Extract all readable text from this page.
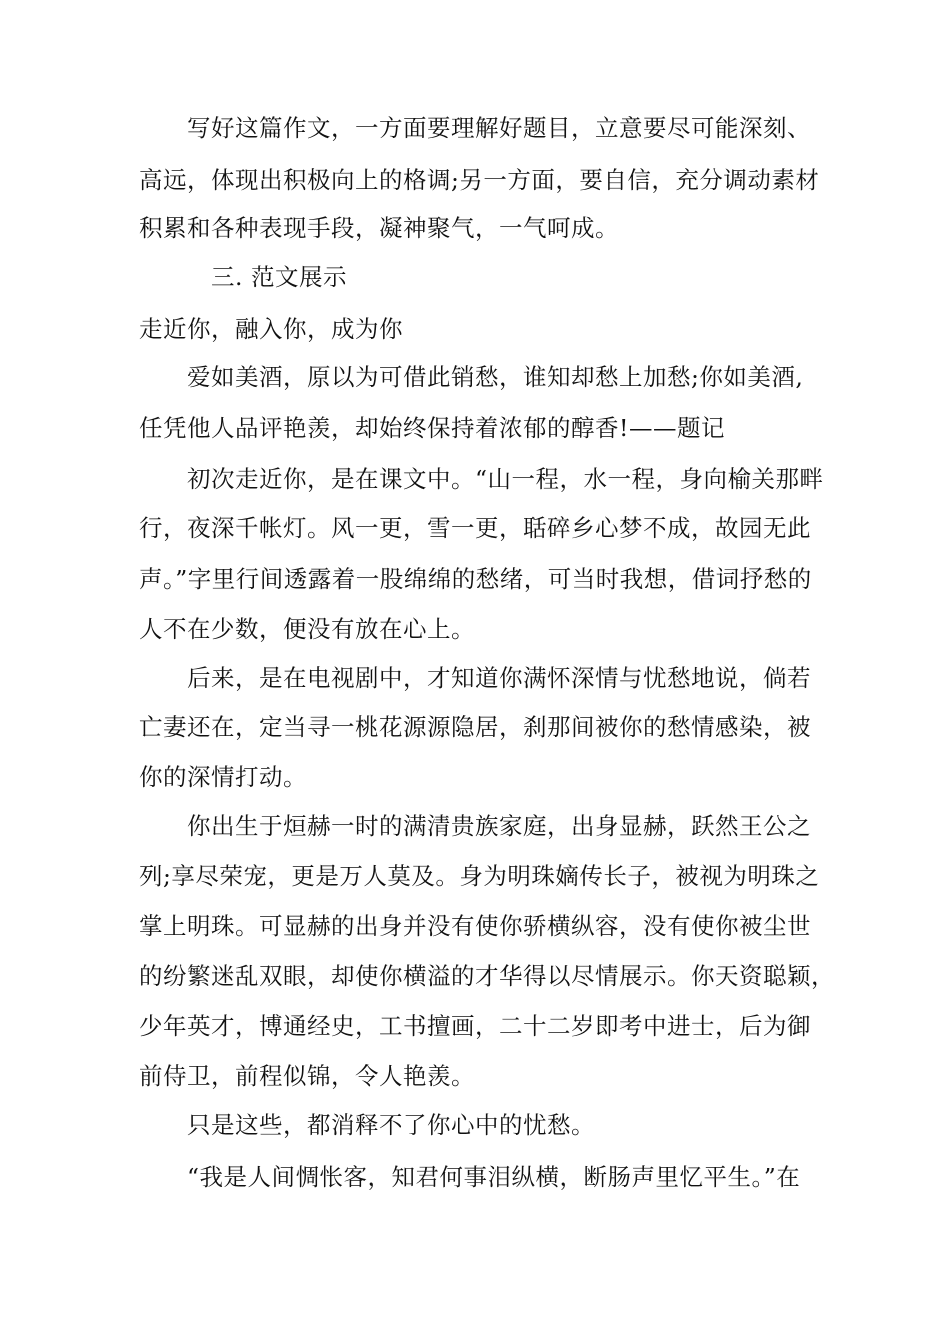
　　写好这篇作文，一方面要理解好题目，立意要尽可能深刻、
高远，体现出积极向上的格调;另一方面，要自信，充分调动素材
积累和各种表现手段，凝神聚气，一气呵成。
　　　三. 范文展示
走近你，融入你，成为你
　　爱如美酒，原以为可借此销愁，谁知却愁上加愁;你如美酒,
任凭他人品评艳羡，却始终保持着浓郁的醇香!——题记
　　初次走近你，是在课文中。“山一程，水一程，身向榆关那畔
行，夜深千帐灯。风一更，雪一更，聒碎乡心梦不成，故园无此
声。”字里行间透露着一股绵绵的愁绪，可当时我想，借词抒愁的
人不在少数，便没有放在心上。
　　后来，是在电视剧中，才知道你满怀深情与忧愁地说，倘若
亡妻还在，定当寻一桃花源源隐居，刹那间被你的愁情感染，被
你的深情打动。
　　你出生于烜赫一时的满清贵族家庭，出身显赫，跃然王公之
列;享尽荣宠，更是万人莫及。身为明珠嫡传长子，被视为明珠之
掌上明珠。可显赫的出身并没有使你骄横纵容，没有使你被尘世
的纷繁迷乱双眼，却使你横溢的才华得以尽情展示。你天资聪颖，
少年英才，博通经史，工书擅画，二十二岁即考中进士，后为御
前侍卫，前程似锦，令人艳羡。
　　只是这些，都消释不了你心中的忧愁。
　　“我是人间惆怅客，知君何事泪纵横，断肠声里忆平生。”在
